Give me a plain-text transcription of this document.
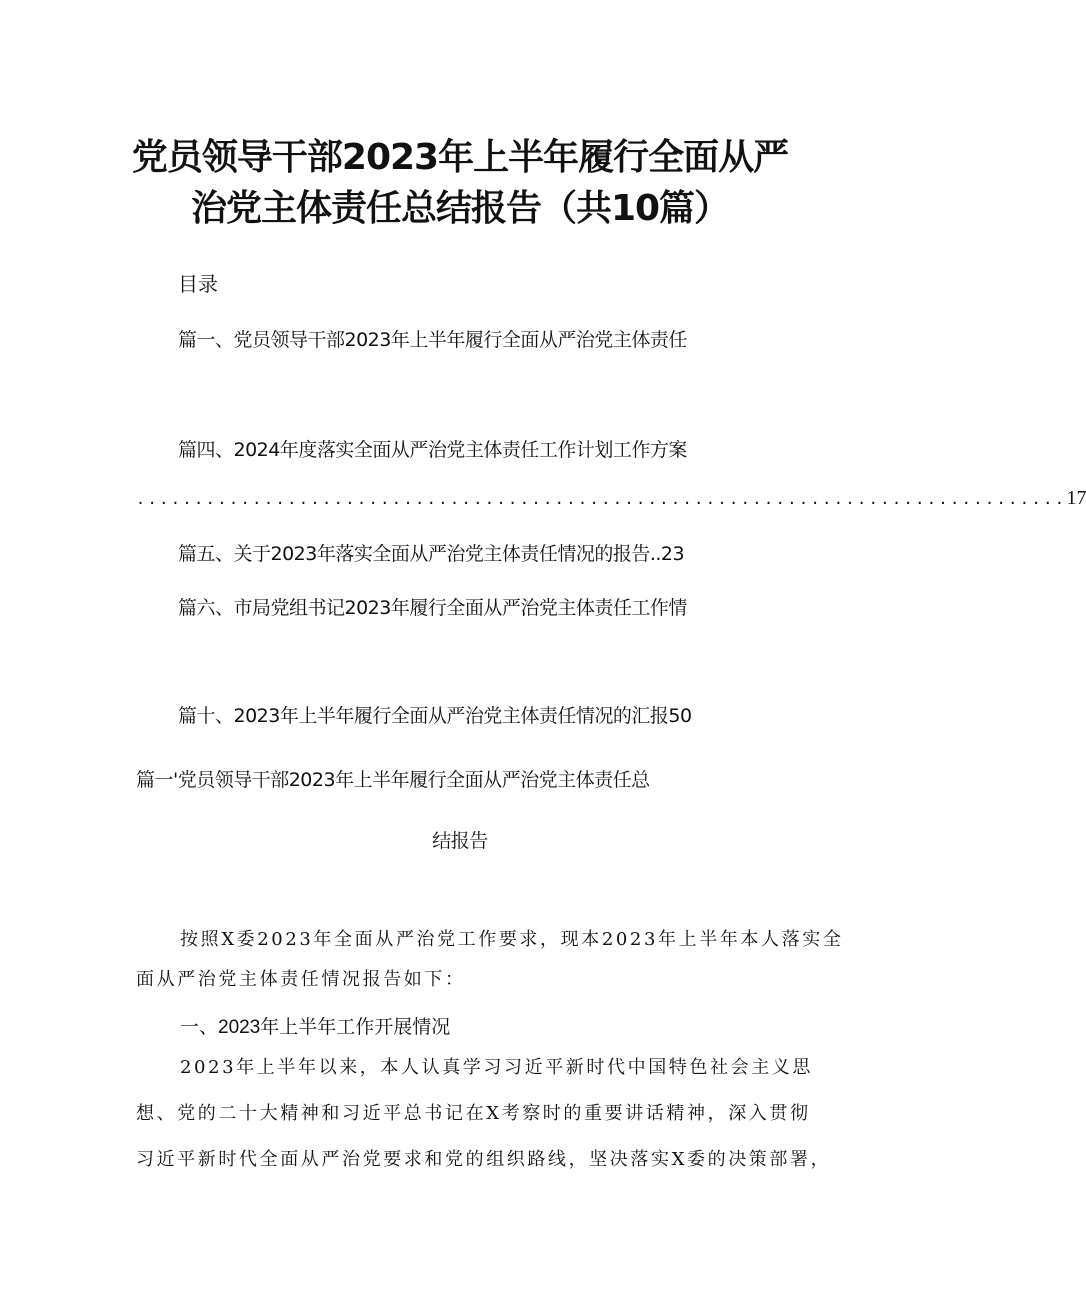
党员领导干部2023年上半年履行全面从严
治党主体责任总结报告（共10篇）
目录
篇一、党员领导干部2023年上半年履行全面从严治党主体责任
篇四、2024年度落实全面从严治党主体责任工作计划工作方案
................................................................................ 17
篇五、关于2023年落实全面从严治党主体责任情况的报告..23
篇六、市局党组书记2023年履行全面从严治党主体责任工作情
篇十、2023年上半年履行全面从严治党主体责任情况的汇报50
篇一'党员领导干部2023年上半年履行全面从严治党主体责任总
结报告
按照X委2023年全面从严治党工作要求，现本2023年上半年本人落实全
面从严治党主体责任情况报告如下：
一、2023年上半年工作开展情况
2023年上半年以来，本人认真学习习近平新时代中国特色社会主义思
想、党的二十大精神和习近平总书记在X考察时的重要讲话精神，深入贯彻
习近平新时代全面从严治党要求和党的组织路线，坚决落实X委的决策部署，
